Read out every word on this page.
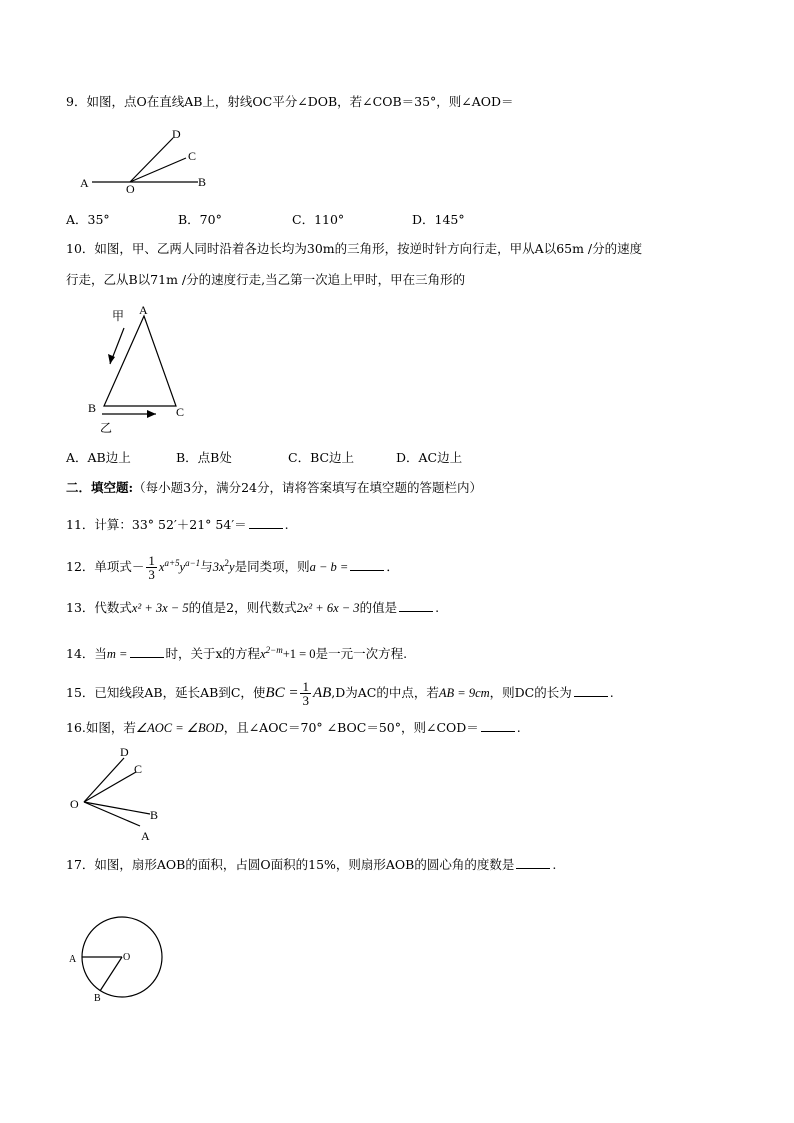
9．如图，点O在直线AB上，射线OC平分∠DOB，若∠COB＝35°，则∠AOD＝
A	O	B
C
D
A．35°	B．70°	C．110°	D．145°
10．如图，甲、乙两人同时沿着各边长均为30m的三角形，按逆时针方向行走，甲从A以65m /分的速度
行走，乙从B以71m /分的速度行走,当乙第一次追上甲时，甲在三角形的
甲 A
B	C
乙
A．AB边上	B．点B处	C．BC边上	D．AC边上
二．填空题:（每小题3分，满分24分，请将答案填写在填空题的答题栏内）
11．计算：33° 52′＋21° 54′＝	.
12．单项式－ $\frac{1}{3} x^{a+5}y^{a-1}$与$3x^2y$是同类项，则a − b =	．
13．代数式x² + 3x − 5的值是2，则代数式2x² + 6x − 3的值是	.
14．当m =	时，关于x的方程$x^{2-m}+1 = 0$是一元一次方程.
15．已知线段AB，延长AB到C，使BC = $\frac{1}{3} AB,D$为AC的中点，若AB = 9cm，则DC的长为	.
16.如图，若∠AOC = ∠BOD，且∠AOC＝70° ∠BOC＝50°，则∠COD＝	.
D
C
O
B
A
17．如图，扇形AOB的面积，占圆O面积的15%，则扇形AOB的圆心角的度数是	.
A	O
B
